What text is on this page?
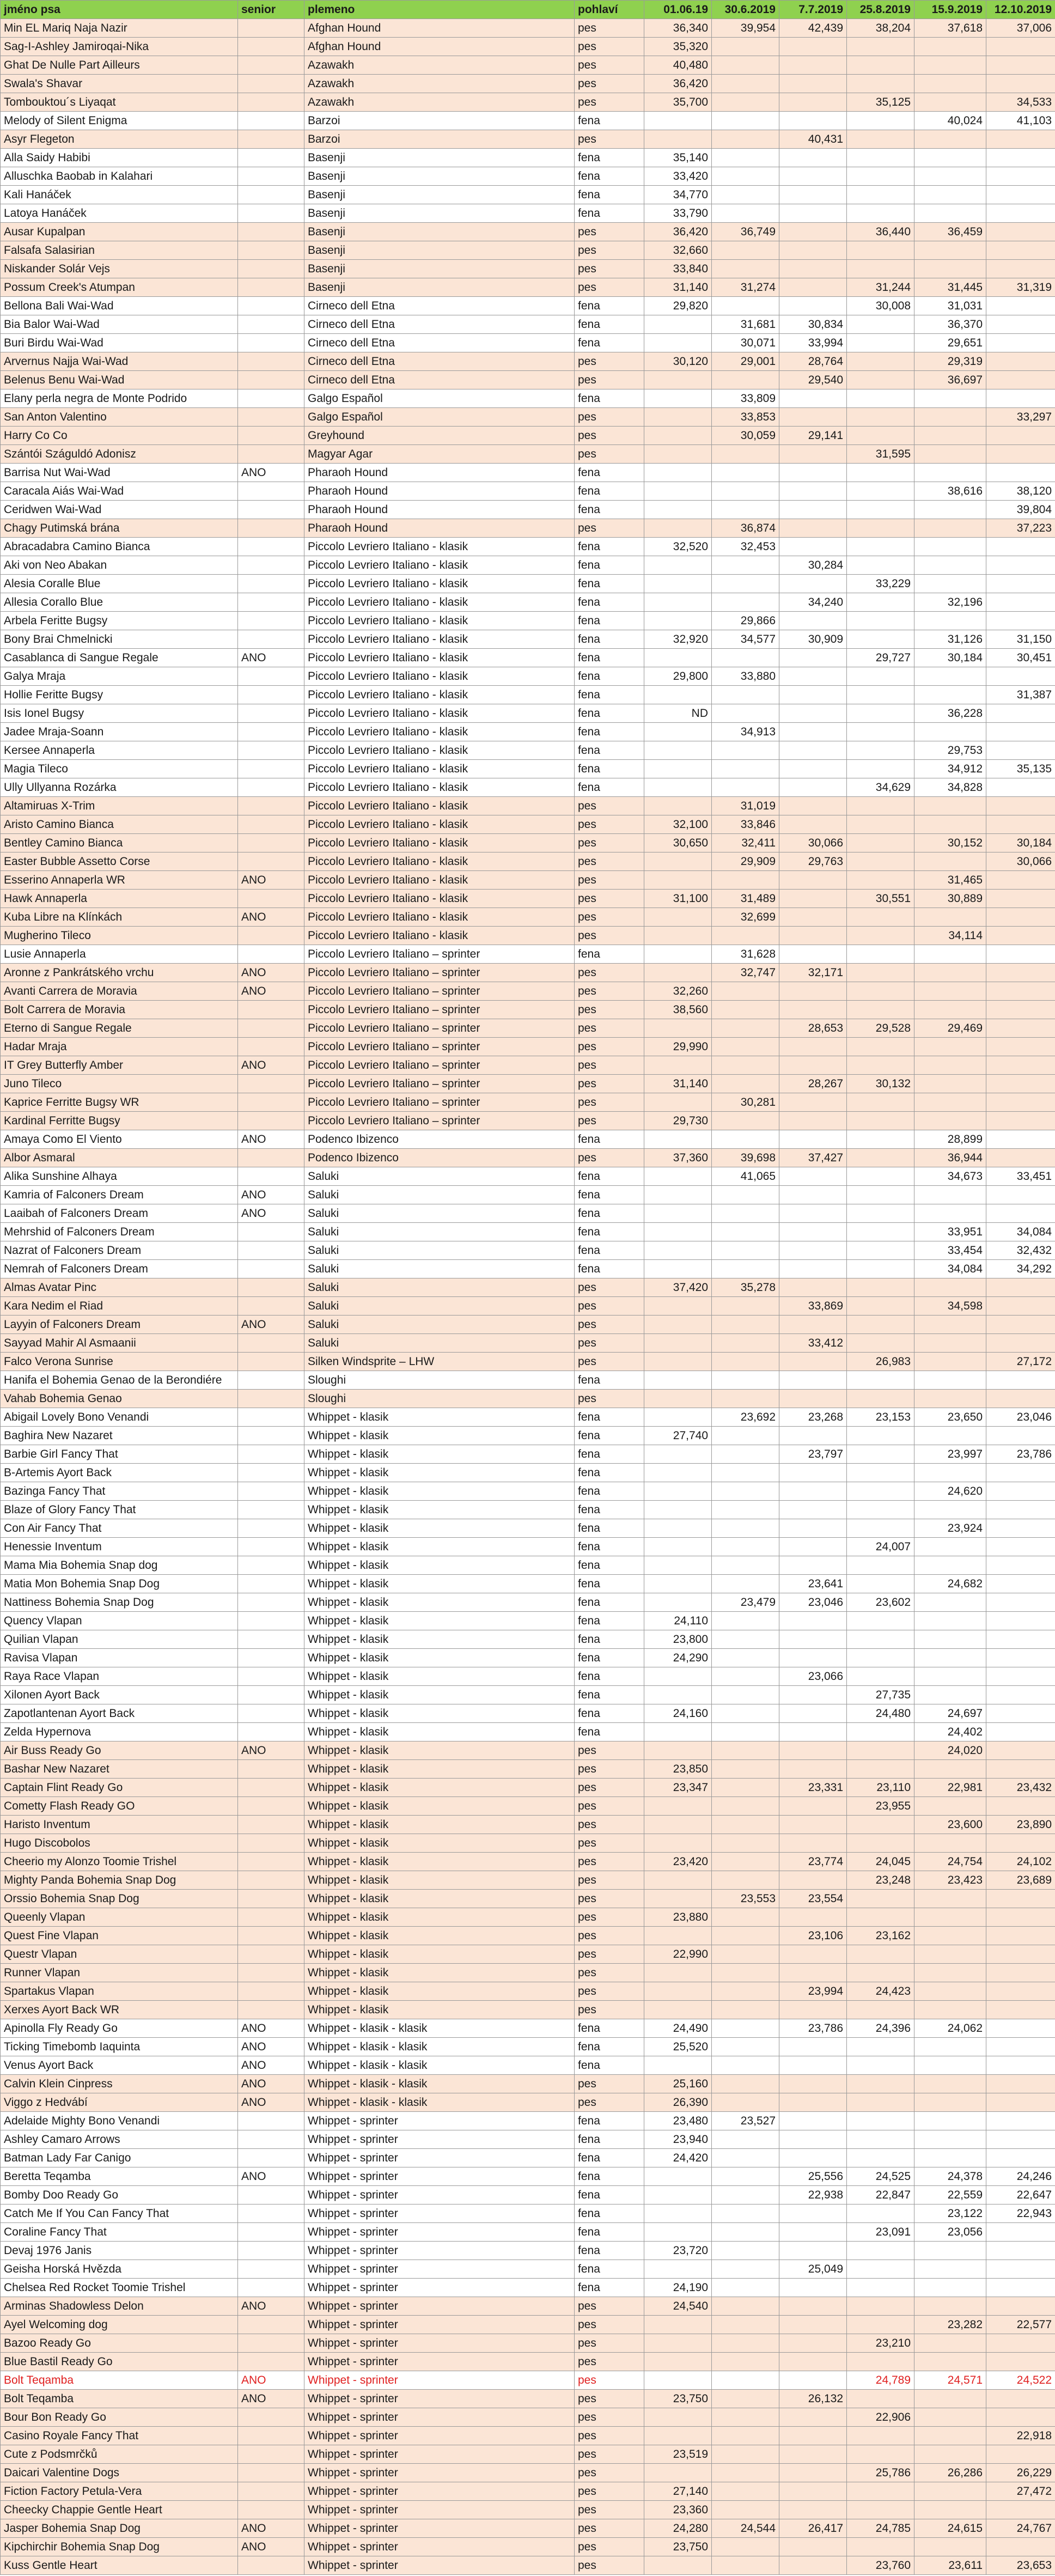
jméno psa	senior	plemeno	pohlaví	01.06.19	30.6.2019	7.7.2019	25.8.2019	15.9.2019	12.10.2019
Min EL Mariq Naja Nazir		Afghan Hound	pes	36,340	39,954	42,439	38,204	37,618	37,006
Sag-I-Ashley Jamiroqai-Nika		Afghan Hound	pes	35,320					
Ghat De Nulle Part Ailleurs		Azawakh	pes	40,480					
Swala's Shavar		Azawakh	pes	36,420					
Tombouktou´s Liyaqat		Azawakh	pes	35,700			35,125		34,533
Melody of Silent Enigma		Barzoi	fena					40,024	41,103
Asyr Flegeton		Barzoi	pes			40,431			
Alla Saidy Habibi		Basenji	fena	35,140					
Alluschka Baobab in Kalahari		Basenji	fena	33,420					
Kali Hanáček		Basenji	fena	34,770					
Latoya Hanáček		Basenji	fena	33,790					
Ausar Kupalpan		Basenji	pes	36,420	36,749		36,440	36,459	
Falsafa Salasirian		Basenji	pes	32,660					
Niskander Solár Vejs		Basenji	pes	33,840					
Possum Creek's Atumpan		Basenji	pes	31,140	31,274		31,244	31,445	31,319
Bellona Bali Wai-Wad		Cirneco dell Etna	fena	29,820			30,008	31,031	
Bia Balor Wai-Wad		Cirneco dell Etna	fena		31,681	30,834		36,370	
Buri Birdu Wai-Wad		Cirneco dell Etna	fena		30,071	33,994		29,651	
Arvernus Najja Wai-Wad		Cirneco dell Etna	pes	30,120	29,001	28,764		29,319	
Belenus Benu Wai-Wad		Cirneco dell Etna	pes			29,540		36,697	
Elany perla negra de Monte Podrido		Galgo Español	fena		33,809				
San Anton Valentino		Galgo Español	pes		33,853				33,297
Harry Co Co		Greyhound	pes		30,059	29,141			
Szántói Száguldó Adonisz		Magyar Agar	pes				31,595		
Barrisa Nut Wai-Wad	ANO	Pharaoh Hound	fena						
Caracala Aiás Wai-Wad		Pharaoh Hound	fena					38,616	38,120
Ceridwen Wai-Wad		Pharaoh Hound	fena						39,804
Chagy Putimská brána		Pharaoh Hound	pes		36,874				37,223
Abracadabra Camino Bianca		Piccolo Levriero Italiano - klasik	fena	32,520	32,453				
Aki von Neo Abakan		Piccolo Levriero Italiano - klasik	fena			30,284			
Alesia Coralle Blue		Piccolo Levriero Italiano - klasik	fena				33,229		
Allesia Corallo Blue		Piccolo Levriero Italiano - klasik	fena			34,240		32,196	
Arbela Feritte Bugsy		Piccolo Levriero Italiano - klasik	fena		29,866				
Bony Brai Chmelnicki		Piccolo Levriero Italiano - klasik	fena	32,920	34,577	30,909		31,126	31,150
Casablanca di Sangue Regale	ANO	Piccolo Levriero Italiano - klasik	fena				29,727	30,184	30,451
Galya Mraja		Piccolo Levriero Italiano - klasik	fena	29,800	33,880				
Hollie Feritte Bugsy		Piccolo Levriero Italiano - klasik	fena						31,387
Isis Ionel Bugsy		Piccolo Levriero Italiano - klasik	fena	ND				36,228	
Jadee Mraja-Soann		Piccolo Levriero Italiano - klasik	fena		34,913				
Kersee Annaperla		Piccolo Levriero Italiano - klasik	fena					29,753	
Magia Tileco		Piccolo Levriero Italiano - klasik	fena					34,912	35,135
Ully Ullyanna Rozárka		Piccolo Levriero Italiano - klasik	fena				34,629	34,828	
Altamiruas X-Trim		Piccolo Levriero Italiano - klasik	pes		31,019				
Aristo Camino Bianca		Piccolo Levriero Italiano - klasik	pes	32,100	33,846				
Bentley Camino Bianca		Piccolo Levriero Italiano - klasik	pes	30,650	32,411	30,066		30,152	30,184
Easter Bubble Assetto Corse		Piccolo Levriero Italiano - klasik	pes		29,909	29,763			30,066
Esserino Annaperla WR	ANO	Piccolo Levriero Italiano - klasik	pes					31,465	
Hawk Annaperla		Piccolo Levriero Italiano - klasik	pes	31,100	31,489		30,551	30,889	
Kuba Libre na Klínkách	ANO	Piccolo Levriero Italiano - klasik	pes		32,699				
Mugherino Tileco		Piccolo Levriero Italiano - klasik	pes					34,114	
Lusie Annaperla		Piccolo Levriero Italiano – sprinter	fena		31,628				
Aronne z Pankrátského vrchu	ANO	Piccolo Levriero Italiano – sprinter	pes		32,747	32,171			
Avanti Carrera de Moravia	ANO	Piccolo Levriero Italiano – sprinter	pes	32,260					
Bolt Carrera de Moravia		Piccolo Levriero Italiano – sprinter	pes	38,560					
Eterno di Sangue Regale		Piccolo Levriero Italiano – sprinter	pes			28,653	29,528	29,469	
Hadar Mraja		Piccolo Levriero Italiano – sprinter	pes	29,990					
IT Grey Butterfly Amber	ANO	Piccolo Levriero Italiano – sprinter	pes						
Juno Tileco		Piccolo Levriero Italiano – sprinter	pes	31,140		28,267	30,132		
Kaprice Ferritte Bugsy WR		Piccolo Levriero Italiano – sprinter	pes		30,281				
Kardinal Ferritte Bugsy		Piccolo Levriero Italiano – sprinter	pes	29,730					
Amaya Como El Viento	ANO	Podenco Ibizenco	fena					28,899	
Albor Asmaral		Podenco Ibizenco	pes	37,360	39,698	37,427		36,944	
Alika Sunshine Alhaya		Saluki	fena		41,065			34,673	33,451
Kamria of Falconers Dream	ANO	Saluki	fena						
Laaibah of Falconers Dream	ANO	Saluki	fena						
Mehrshid of Falconers Dream		Saluki	fena					33,951	34,084
Nazrat of Falconers Dream		Saluki	fena					33,454	32,432
Nemrah of Falconers Dream		Saluki	fena					34,084	34,292
Almas Avatar Pinc		Saluki	pes	37,420	35,278				
Kara Nedim el Riad		Saluki	pes			33,869		34,598	
Layyin of Falconers Dream	ANO	Saluki	pes						
Sayyad Mahir Al Asmaanii		Saluki	pes			33,412			
Falco Verona Sunrise		Silken Windsprite – LHW	pes				26,983		27,172
Hanifa el Bohemia Genao de la Berondiére		Sloughi	fena						
Vahab Bohemia Genao		Sloughi	pes						
Abigail Lovely Bono Venandi		Whippet - klasik	fena		23,692	23,268	23,153	23,650	23,046
Baghira New Nazaret		Whippet - klasik	fena	27,740					
Barbie Girl Fancy That		Whippet - klasik	fena			23,797		23,997	23,786
B-Artemis Ayort Back		Whippet - klasik	fena						
Bazinga Fancy That		Whippet - klasik	fena					24,620	
Blaze of Glory Fancy That		Whippet - klasik	fena						
Con Air Fancy That		Whippet - klasik	fena					23,924	
Henessie Inventum		Whippet - klasik	fena				24,007		
Mama Mia Bohemia Snap dog		Whippet - klasik	fena						
Matia Mon Bohemia Snap Dog		Whippet - klasik	fena			23,641		24,682	
Nattiness Bohemia Snap Dog		Whippet - klasik	fena		23,479	23,046	23,602		
Quency Vlapan		Whippet - klasik	fena	24,110					
Quilian Vlapan		Whippet - klasik	fena	23,800					
Ravisa Vlapan		Whippet - klasik	fena	24,290					
Raya Race Vlapan		Whippet - klasik	fena			23,066			
Xilonen Ayort Back		Whippet - klasik	fena				27,735		
Zapotlantenan Ayort Back		Whippet - klasik	fena	24,160			24,480	24,697	
Zelda Hypernova		Whippet - klasik	fena					24,402	
Air Buss Ready Go	ANO	Whippet - klasik	pes					24,020	
Bashar New Nazaret		Whippet - klasik	pes	23,850					
Captain Flint Ready Go		Whippet - klasik	pes	23,347		23,331	23,110	22,981	23,432
Cometty Flash Ready GO		Whippet - klasik	pes				23,955		
Haristo Inventum		Whippet - klasik	pes					23,600	23,890
Hugo Discobolos		Whippet - klasik	pes						
Cheerio my Alonzo Toomie Trishel		Whippet - klasik	pes	23,420		23,774	24,045	24,754	24,102
Mighty Panda Bohemia Snap Dog		Whippet - klasik	pes				23,248	23,423	23,689
Orssio Bohemia Snap Dog		Whippet - klasik	pes		23,553	23,554			
Queenly Vlapan		Whippet - klasik	pes	23,880					
Quest Fine Vlapan		Whippet - klasik	pes			23,106	23,162		
Questr Vlapan		Whippet - klasik	pes	22,990					
Runner Vlapan		Whippet - klasik	pes						
Spartakus Vlapan		Whippet - klasik	pes			23,994	24,423		
Xerxes Ayort Back WR		Whippet - klasik	pes						
Apinolla Fly Ready Go	ANO	Whippet - klasik - klasik	fena	24,490		23,786	24,396	24,062	
Ticking Timebomb Iaquinta	ANO	Whippet - klasik - klasik	fena	25,520					
Venus Ayort Back	ANO	Whippet - klasik - klasik	fena						
Calvin Klein Cinpress	ANO	Whippet - klasik - klasik	pes	25,160					
Viggo z Hedvábí	ANO	Whippet - klasik - klasik	pes	26,390					
Adelaide Mighty Bono Venandi		Whippet - sprinter	fena	23,480	23,527				
Ashley Camaro Arrows		Whippet - sprinter	fena	23,940					
Batman Lady Far Canigo		Whippet - sprinter	fena	24,420					
Beretta Teqamba	ANO	Whippet - sprinter	fena			25,556	24,525	24,378	24,246
Bomby Doo Ready Go		Whippet - sprinter	fena			22,938	22,847	22,559	22,647
Catch Me If You Can Fancy That		Whippet - sprinter	fena					23,122	22,943
Coraline Fancy That		Whippet - sprinter	fena				23,091	23,056	
Devaj 1976 Janis		Whippet - sprinter	fena	23,720					
Geisha Horská Hvězda		Whippet - sprinter	fena			25,049			
Chelsea Red Rocket Toomie Trishel		Whippet - sprinter	fena	24,190					
Arminas Shadowless Delon	ANO	Whippet - sprinter	pes	24,540					
Ayel Welcoming dog		Whippet - sprinter	pes					23,282	22,577
Bazoo Ready Go		Whippet - sprinter	pes				23,210		
Blue Bastil Ready Go		Whippet - sprinter	pes						
Bolt Teqamba	ANO	Whippet - sprinter	pes				24,789	24,571	24,522
Bolt Teqamba	ANO	Whippet - sprinter	pes	23,750		26,132			
Bour Bon Ready Go		Whippet - sprinter	pes				22,906		
Casino Royale Fancy That		Whippet - sprinter	pes						22,918
Cute z Podsmrčků		Whippet - sprinter	pes	23,519					
Daicari Valentine Dogs		Whippet - sprinter	pes				25,786	26,286	26,229
Fiction Factory Petula-Vera		Whippet - sprinter	pes	27,140					27,472
Cheecky Chappie Gentle Heart		Whippet - sprinter	pes	23,360					
Jasper Bohemia Snap Dog	ANO	Whippet - sprinter	pes	24,280	24,544	26,417	24,785	24,615	24,767
Kipchirchir Bohemia Snap Dog	ANO	Whippet - sprinter	pes	23,750					
Kuss Gentle Heart		Whippet - sprinter	pes				23,760	23,611	23,653
